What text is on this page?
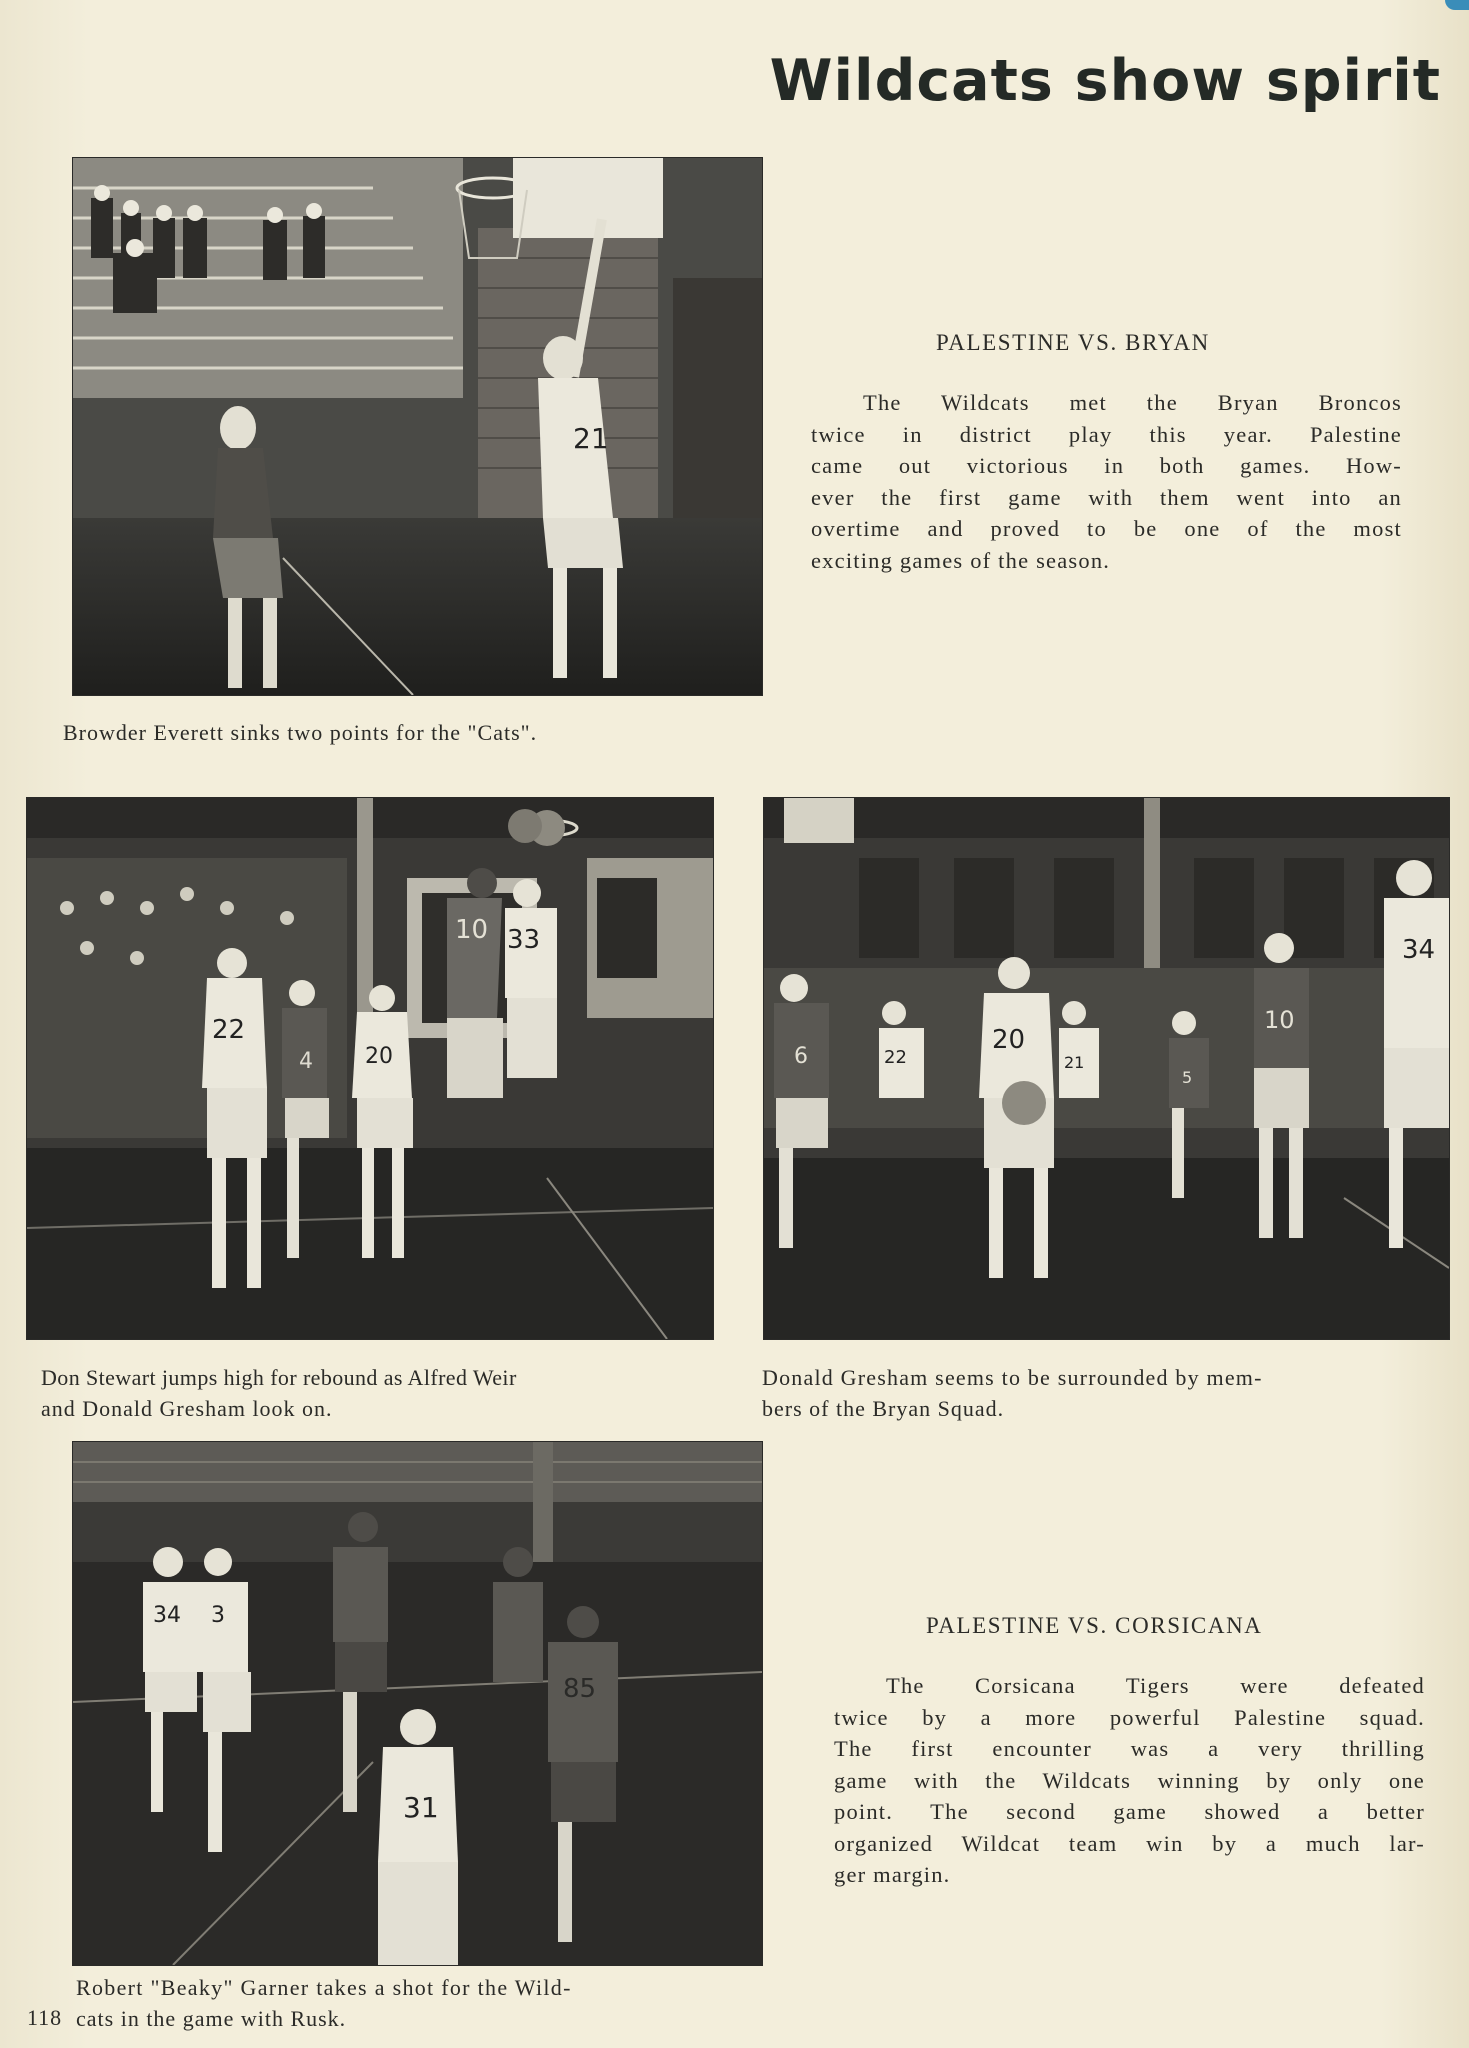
Wildcats show spirit
21
Browder Everett sinks two points for the "Cats".
PALESTINE VS. BRYAN
The Wildcats met the Bryan Broncos
twice in district play this year. Palestine
came out victorious in both games. How-
ever the first game with them went into an
overtime and proved to be one of the most
exciting games of the season.
22
4 20
10 33
Don Stewart jumps high for rebound as Alfred Weir
and Donald Gresham look on.
6	22
20
21
5
10
34
Donald Gresham seems to be surrounded by mem-
bers of the Bryan Squad.
34 3
31
85
Robert "Beaky" Garner takes a shot for the Wild-
cats in the game with Rusk.
PALESTINE VS. CORSICANA
The Corsicana Tigers were defeated
twice by a more powerful Palestine squad.
The first encounter was a very thrilling
game with the Wildcats winning by only one
point. The second game showed a better
organized Wildcat team win by a much lar-
ger margin.
118
